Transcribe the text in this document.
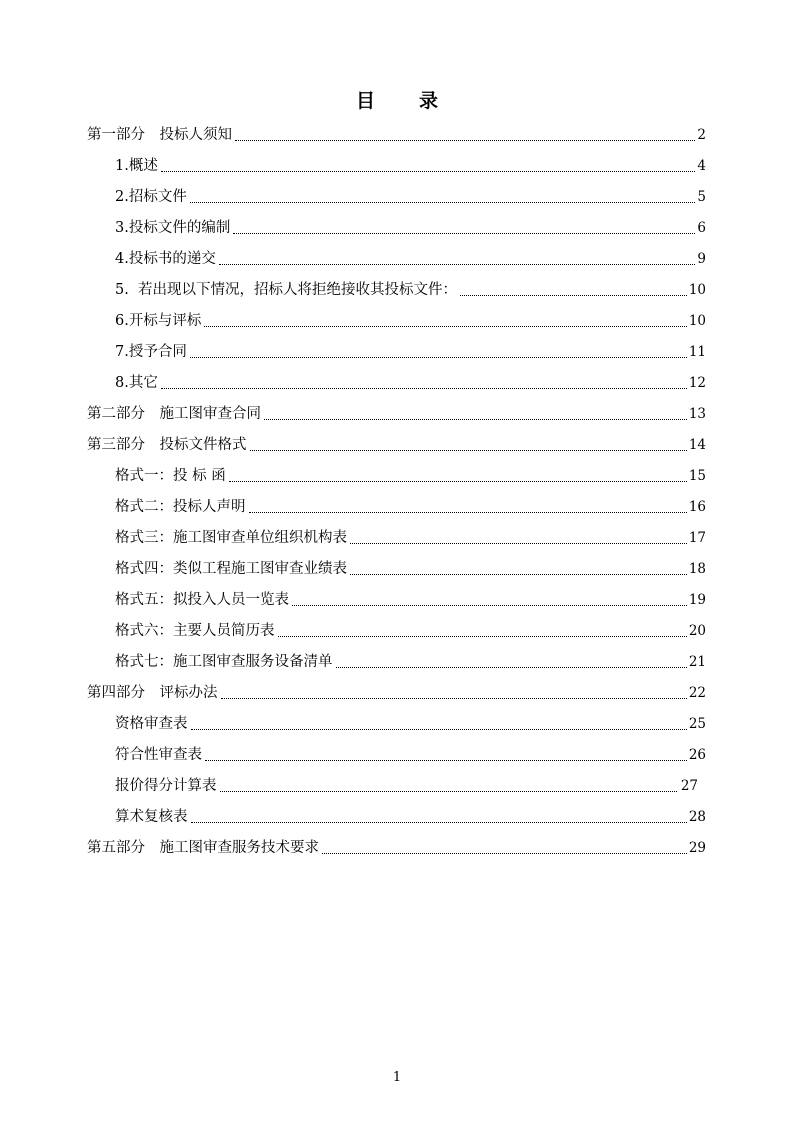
目 录
第一部分　投标人须知	2
1.概述	4
2.招标文件	5
3.投标文件的编制	6
4.投标书的递交	9
5.  若出现以下情况，招标人将拒绝接收其投标文件：	10
6.开标与评标	10
7.授予合同	11
8.其它	12
第二部分　施工图审查合同	13
第三部分　投标文件格式	14
格式一：投 标 函	15
格式二：投标人声明	16
格式三：施工图审查单位组织机构表	17
格式四：类似工程施工图审查业绩表	18
格式五：拟投入人员一览表	19
格式六：主要人员简历表	20
格式七：施工图审查服务设备清单	21
第四部分　评标办法	22
资格审查表	25
符合性审查表	26
报价得分计算表	27
算术复核表	28
第五部分　施工图审查服务技术要求	29
1
